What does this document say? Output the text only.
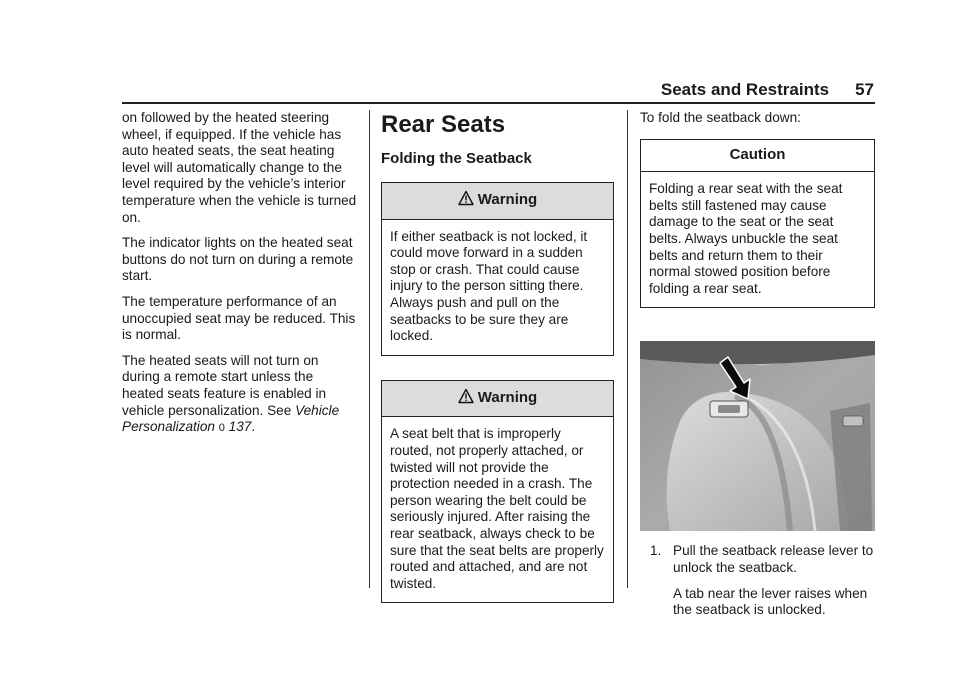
Seats and Restraints 57

on followed by the heated steering wheel, if equipped. If the vehicle has auto heated seats, the seat heating level will automatically change to the level required by the vehicle’s interior temperature when the vehicle is turned on.

The indicator lights on the heated seat buttons do not turn on during a remote start.

The temperature performance of an unoccupied seat may be reduced. This is normal.

The heated seats will not turn on during a remote start unless the heated seats feature is enabled in vehicle personalization. See Vehicle Personalization 0 137.

Rear Seats
Folding the Seatback
Warning
If either seatback is not locked, it could move forward in a sudden stop or crash. That could cause injury to the person sitting there. Always push and pull on the seatbacks to be sure they are locked.
Warning
A seat belt that is improperly routed, not properly attached, or twisted will not provide the protection needed in a crash. The person wearing the belt could be seriously injured. After raising the rear seatback, always check to be sure that the seat belts are properly routed and attached, and are not twisted.

To fold the seatback down:

Caution
Folding a rear seat with the seat belts still fastened may cause damage to the seat or the seat belts. Always unbuckle the seat belts and return them to their normal stowed position before folding a rear seat.
1. Pull the seatback release lever to unlock the seatback.
A tab near the lever raises when the seatback is unlocked.
